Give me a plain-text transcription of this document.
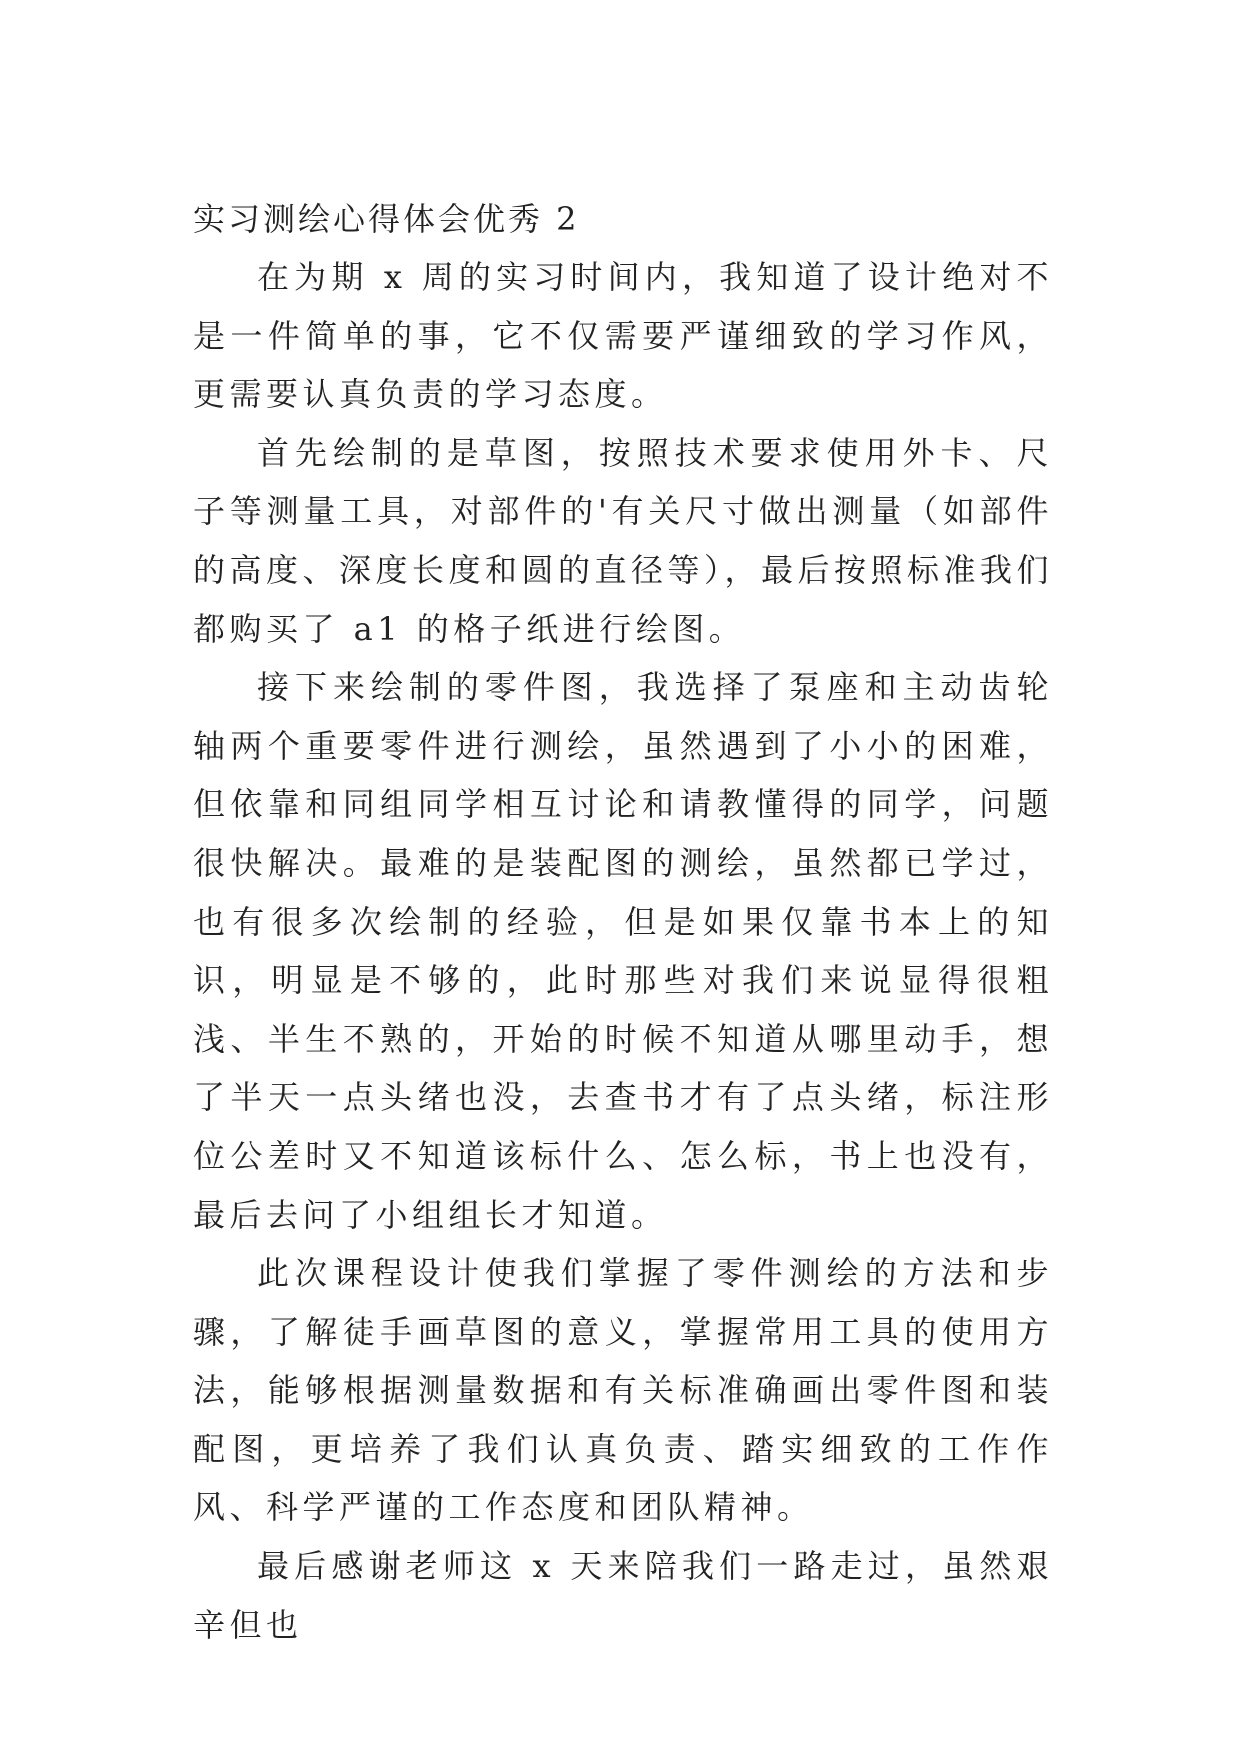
实习测绘心得体会优秀 2

在为期 x 周的实习时间内，我知道了设计绝对不是一件简单的事，它不仅需要严谨细致的学习作风，更需要认真负责的学习态度。

首先绘制的是草图，按照技术要求使用外卡、尺子等测量工具，对部件的'有关尺寸做出测量（如部件的高度、深度长度和圆的直径等），最后按照标准我们都购买了 a1 的格子纸进行绘图。

接下来绘制的零件图，我选择了泵座和主动齿轮轴两个重要零件进行测绘，虽然遇到了小小的困难，但依靠和同组同学相互讨论和请教懂得的同学，问题很快解决。最难的是装配图的测绘，虽然都已学过，也有很多次绘制的经验，但是如果仅靠书本上的知识，明显是不够的，此时那些对我们来说显得很粗浅、半生不熟的，开始的时候不知道从哪里动手，想了半天一点头绪也没，去查书才有了点头绪，标注形位公差时又不知道该标什么、怎么标，书上也没有，最后去问了小组组长才知道。

此次课程设计使我们掌握了零件测绘的方法和步骤，了解徒手画草图的意义，掌握常用工具的使用方法，能够根据测量数据和有关标准确画出零件图和装配图，更培养了我们认真负责、踏实细致的工作作风、科学严谨的工作态度和团队精神。

最后感谢老师这 x 天来陪我们一路走过，虽然艰辛但也
